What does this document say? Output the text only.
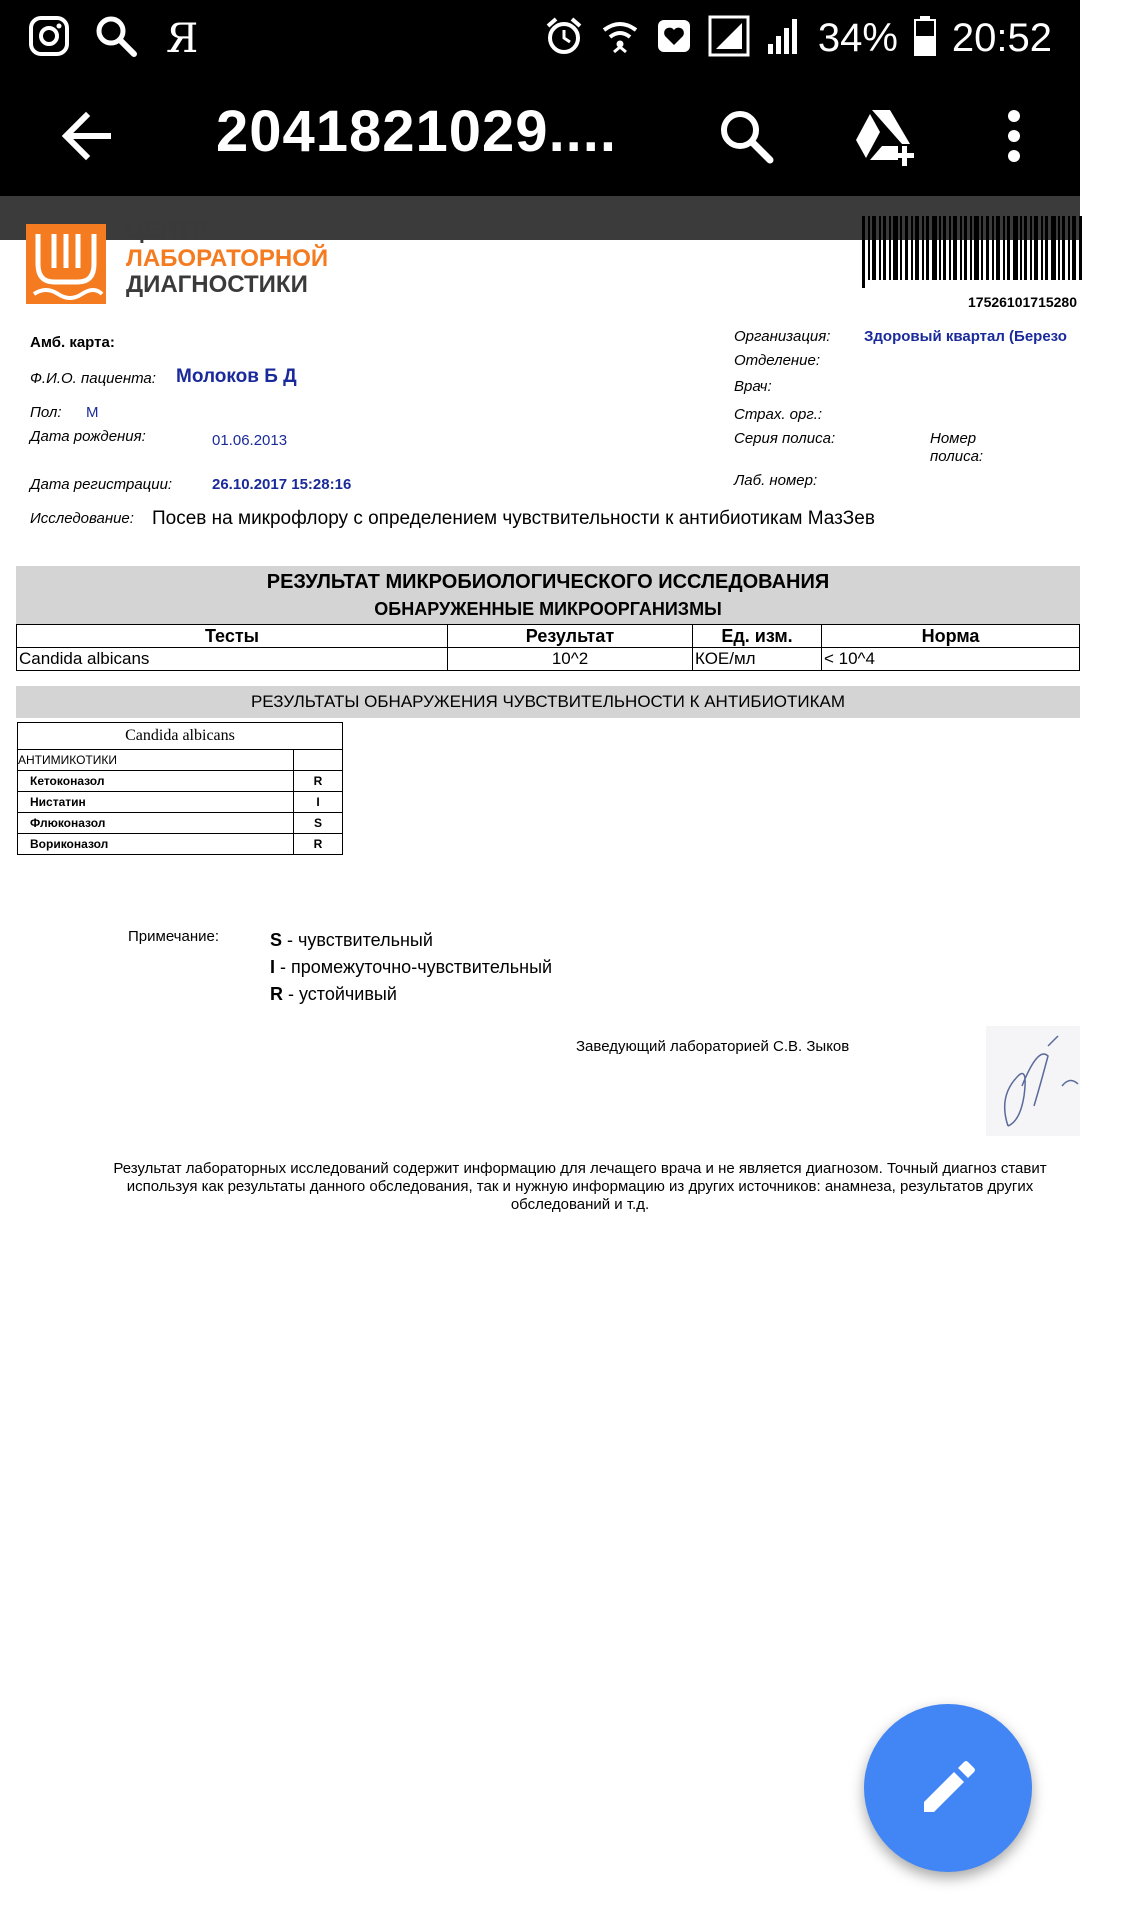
Я	34% 20:52
2041821029....
ЦЕНТР
ЛАБОРАТОРНОЙ
ДИАГНОСТИКИ
17526101715280
Амб. карта:
Ф.И.О. пациента: Молоков Б Д
Пол: М
Дата рождения:	01.06.2013
Дата регистрации:	26.10.2017 15:28:16
Исследование: Посев на микрофлору с определением чувствительности к антибиотикам МазЗев
Организация: Здоровый квартал (Березо
Отделение:
Врач:
Страх. орг.:
Серия полиса:	Номер полиса:
Лаб. номер:
РЕЗУЛЬТАТ МИКРОБИОЛОГИЧЕСКОГО ИССЛЕДОВАНИЯ
ОБНАРУЖЕННЫЕ МИКРООРГАНИЗМЫ
Тесты	Результат	Ед. изм.	Норма
Candida albicans	10^2	КОЕ/мл	< 10^4
РЕЗУЛЬТАТЫ ОБНАРУЖЕНИЯ ЧУВСТВИТЕЛЬНОСТИ К АНТИБИОТИКАМ
Candida albicans	
АНТИМИКОТИКИ	
Кетоконазол	R
Нистатин	I
Флюконазол	S
Вориконазол	R
Примечание:	S - чувствительный
I - промежуточно-чувствительный
R - устойчивый
Заведующий лабораторией С.В. Зыков
Результат лабораторных исследований содержит информацию для лечащего врача и не является диагнозом. Точный диагноз ставит
используя как результаты данного обследования, так и нужную информацию из других источников: анамнеза, результатов других
обследований и т.д.
